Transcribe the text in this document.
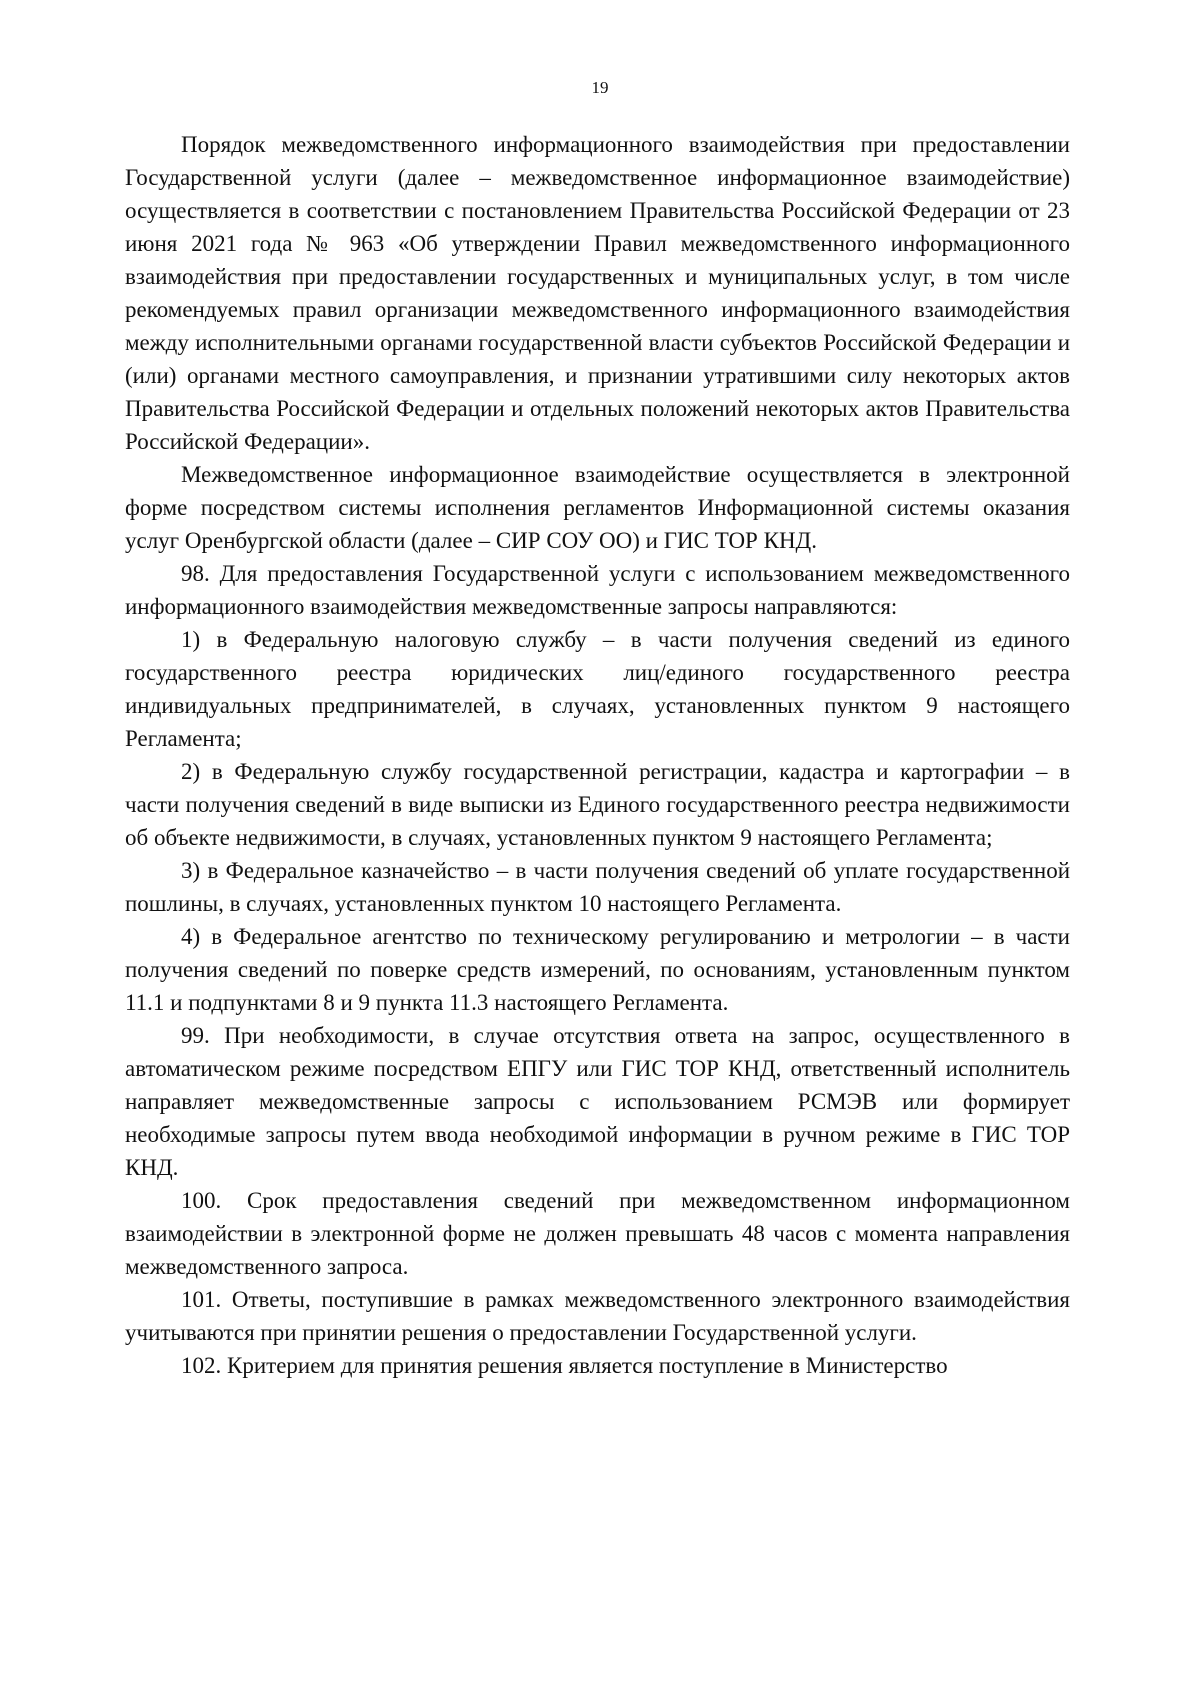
19

Порядок межведомственного информационного взаимодействия при предоставлении Государственной услуги (далее – межведомственное информационное взаимодействие) осуществляется в соответствии с постановлением Правительства Российской Федерации от 23 июня 2021 года № 963 «Об утверждении Правил межведомственного информационного взаимодействия при предоставлении государственных и муниципальных услуг, в том числе рекомендуемых правил организации межведомственного информационного взаимодействия между исполнительными органами государственной власти субъектов Российской Федерации и (или) органами местного самоуправления, и признании утратившими силу некоторых актов Правительства Российской Федерации и отдельных положений некоторых актов Правительства Российской Федерации».

Межведомственное информационное взаимодействие осуществляется в электронной форме посредством системы исполнения регламентов Информационной системы оказания услуг Оренбургской области (далее – СИР СОУ ОО) и ГИС ТОР КНД.

98. Для предоставления Государственной услуги с использованием межведомственного информационного взаимодействия межведомственные запросы направляются:

1) в Федеральную налоговую службу – в части получения сведений из единого государственного реестра юридических лиц/единого государственного реестра индивидуальных предпринимателей, в случаях, установленных пунктом 9 настоящего Регламента;

2) в Федеральную службу государственной регистрации, кадастра и картографии – в части получения сведений в виде выписки из Единого государственного реестра недвижимости об объекте недвижимости, в случаях, установленных пунктом 9 настоящего Регламента;

3) в Федеральное казначейство – в части получения сведений об уплате государственной пошлины, в случаях, установленных пунктом 10 настоящего Регламента.

4) в Федеральное агентство по техническому регулированию и метрологии – в части получения сведений по поверке средств измерений, по основаниям, установленным пунктом 11.1 и подпунктами 8 и 9 пункта 11.3 настоящего Регламента.

99. При необходимости, в случае отсутствия ответа на запрос, осуществленного в автоматическом режиме посредством ЕПГУ или ГИС ТОР КНД, ответственный исполнитель направляет межведомственные запросы с использованием РСМЭВ или формирует необходимые запросы путем ввода необходимой информации в ручном режиме в ГИС ТОР КНД.

100. Срок предоставления сведений при межведомственном информационном взаимодействии в электронной форме не должен превышать 48 часов с момента направления межведомственного запроса.

101. Ответы, поступившие в рамках межведомственного электронного взаимодействия учитываются при принятии решения о предоставлении Государственной услуги.

102. Критерием для принятия решения является поступление в Министерство
